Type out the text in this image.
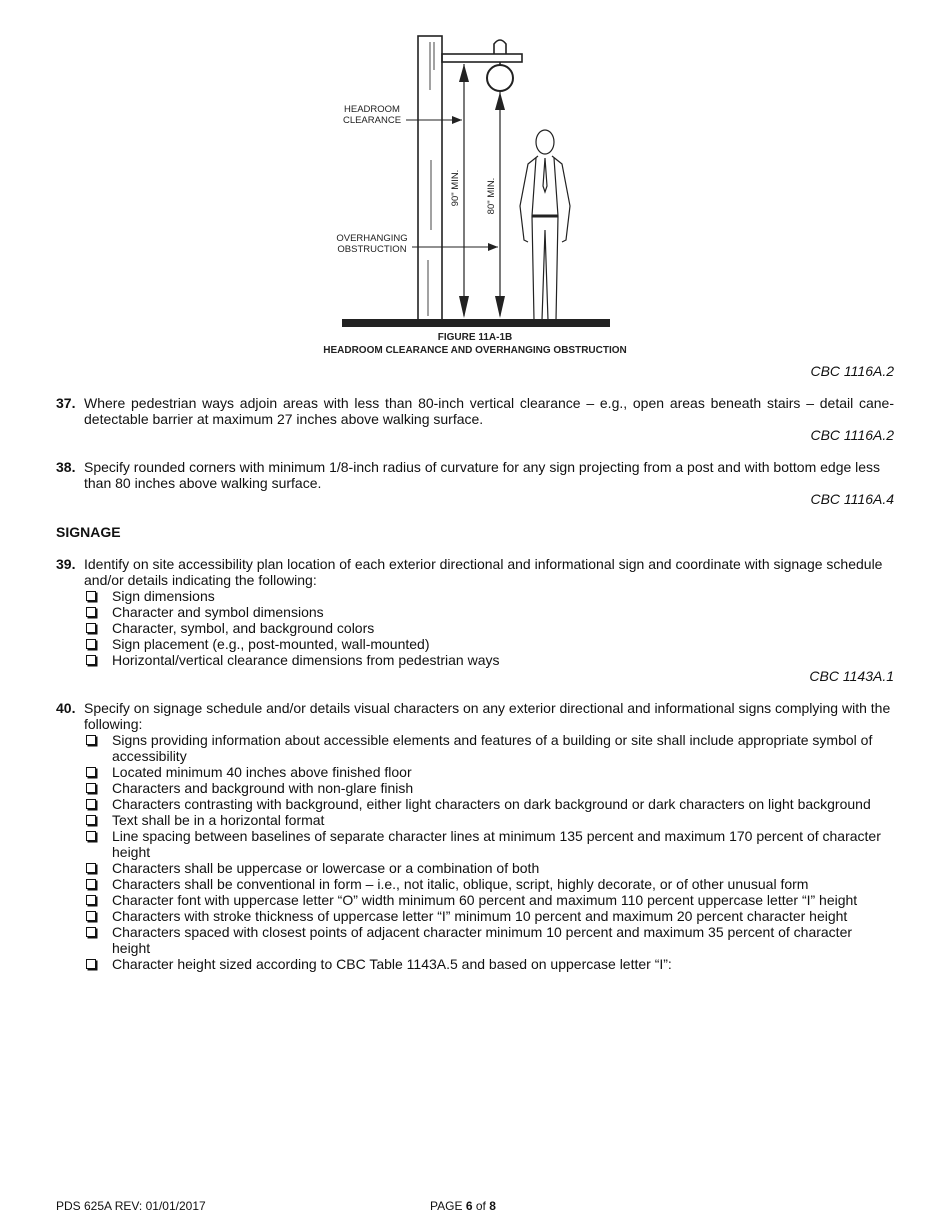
HEADROOM
CLEARANCE
OVERHANGING
OBSTRUCTION
90" MIN.	80" MIN.
FIGURE 11A-1B
HEADROOM CLEARANCE AND OVERHANGING OBSTRUCTION
CBC 1116A.2
37. Where pedestrian ways adjoin areas with less than 80-inch vertical clearance – e.g., open areas beneath stairs – detail cane-detectable barrier at maximum 27 inches above walking surface.
CBC 1116A.2
38. Specify rounded corners with minimum 1/8-inch radius of curvature for any sign projecting from a post and with bottom edge less than 80 inches above walking surface.
CBC 1116A.4
SIGNAGE
39. Identify on site accessibility plan location of each exterior directional and informational sign and coordinate with signage schedule and/or details indicating the following:
Sign dimensions
Character and symbol dimensions
Character, symbol, and background colors
Sign placement (e.g., post-mounted, wall-mounted)
Horizontal/vertical clearance dimensions from pedestrian ways
CBC 1143A.1
40. Specify on signage schedule and/or details visual characters on any exterior directional and informational signs complying with the following:
Signs providing information about accessible elements and features of a building or site shall include appropriate symbol of accessibility
Located minimum 40 inches above finished floor
Characters and background with non-glare finish
Characters contrasting with background, either light characters on dark background or dark characters on light background
Text shall be in a horizontal format
Line spacing between baselines of separate character lines at minimum 135 percent and maximum 170 percent of character height
Characters shall be uppercase or lowercase or a combination of both
Characters shall be conventional in form – i.e., not italic, oblique, script, highly decorate, or of other unusual form
Character font with uppercase letter “O” width minimum 60 percent and maximum 110 percent uppercase letter “I” height
Characters with stroke thickness of uppercase letter “I” minimum 10 percent and maximum 20 percent character height
Characters spaced with closest points of adjacent character minimum 10 percent and maximum 35 percent of character height
Character height sized according to CBC Table 1143A.5 and based on uppercase letter “I”:
PDS 625A REV: 01/01/2017	PAGE 6 of 8
